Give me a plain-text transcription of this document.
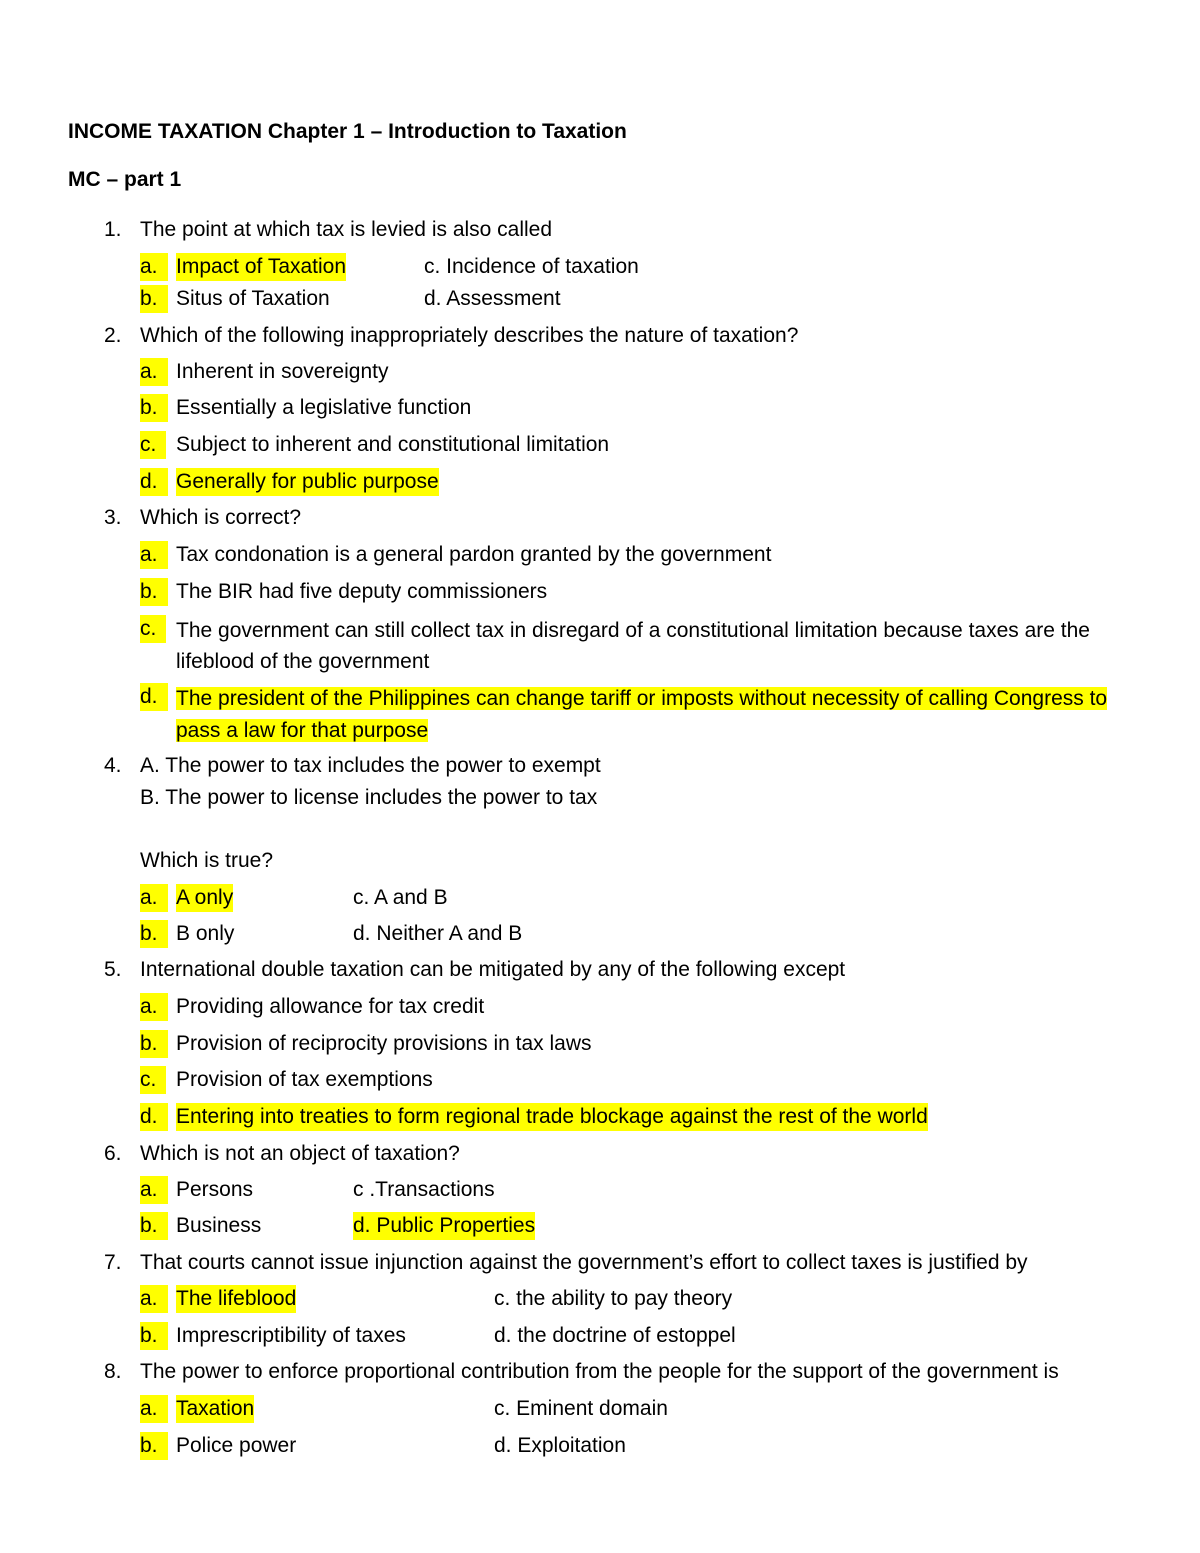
INCOME TAXATION Chapter 1 – Introduction to Taxation
MC – part 1
1. The point at which tax is levied is also called
a. Impact of Taxation
b. Situs of Taxation
c. Incidence of taxation
d. Assessment
2. Which of the following inappropriately describes the nature of taxation?
a. Inherent in sovereignty
b. Essentially a legislative function
c. Subject to inherent and constitutional limitation
d. Generally for public purpose
3. Which is correct?
a. Tax condonation is a general pardon granted by the government
b. The BIR had five deputy commissioners
c. The government can still collect tax in disregard of a constitutional limitation because taxes are the lifeblood of the government
d. The president of the Philippines can change tariff or imposts without necessity of calling Congress to pass a law for that purpose
4. A. The power to tax includes the power to exempt
B. The power to license includes the power to tax
Which is true?
a. A only
b. B only
c. A and B
d. Neither A and B
5. International double taxation can be mitigated by any of the following except
a. Providing allowance for tax credit
b. Provision of reciprocity provisions in tax laws
c. Provision of tax exemptions
d. Entering into treaties to form regional trade blockage against the rest of the world
6. Which is not an object of taxation?
a. Persons
b. Business
c .Transactions
d. Public Properties
7. That courts cannot issue injunction against the government’s effort to collect taxes is justified by
a. The lifeblood
b. Imprescriptibility of taxes
c. the ability to pay theory
d. the doctrine of estoppel
8. The power to enforce proportional contribution from the people for the support of the government is
a. Taxation
b. Police power
c. Eminent domain
d. Exploitation
